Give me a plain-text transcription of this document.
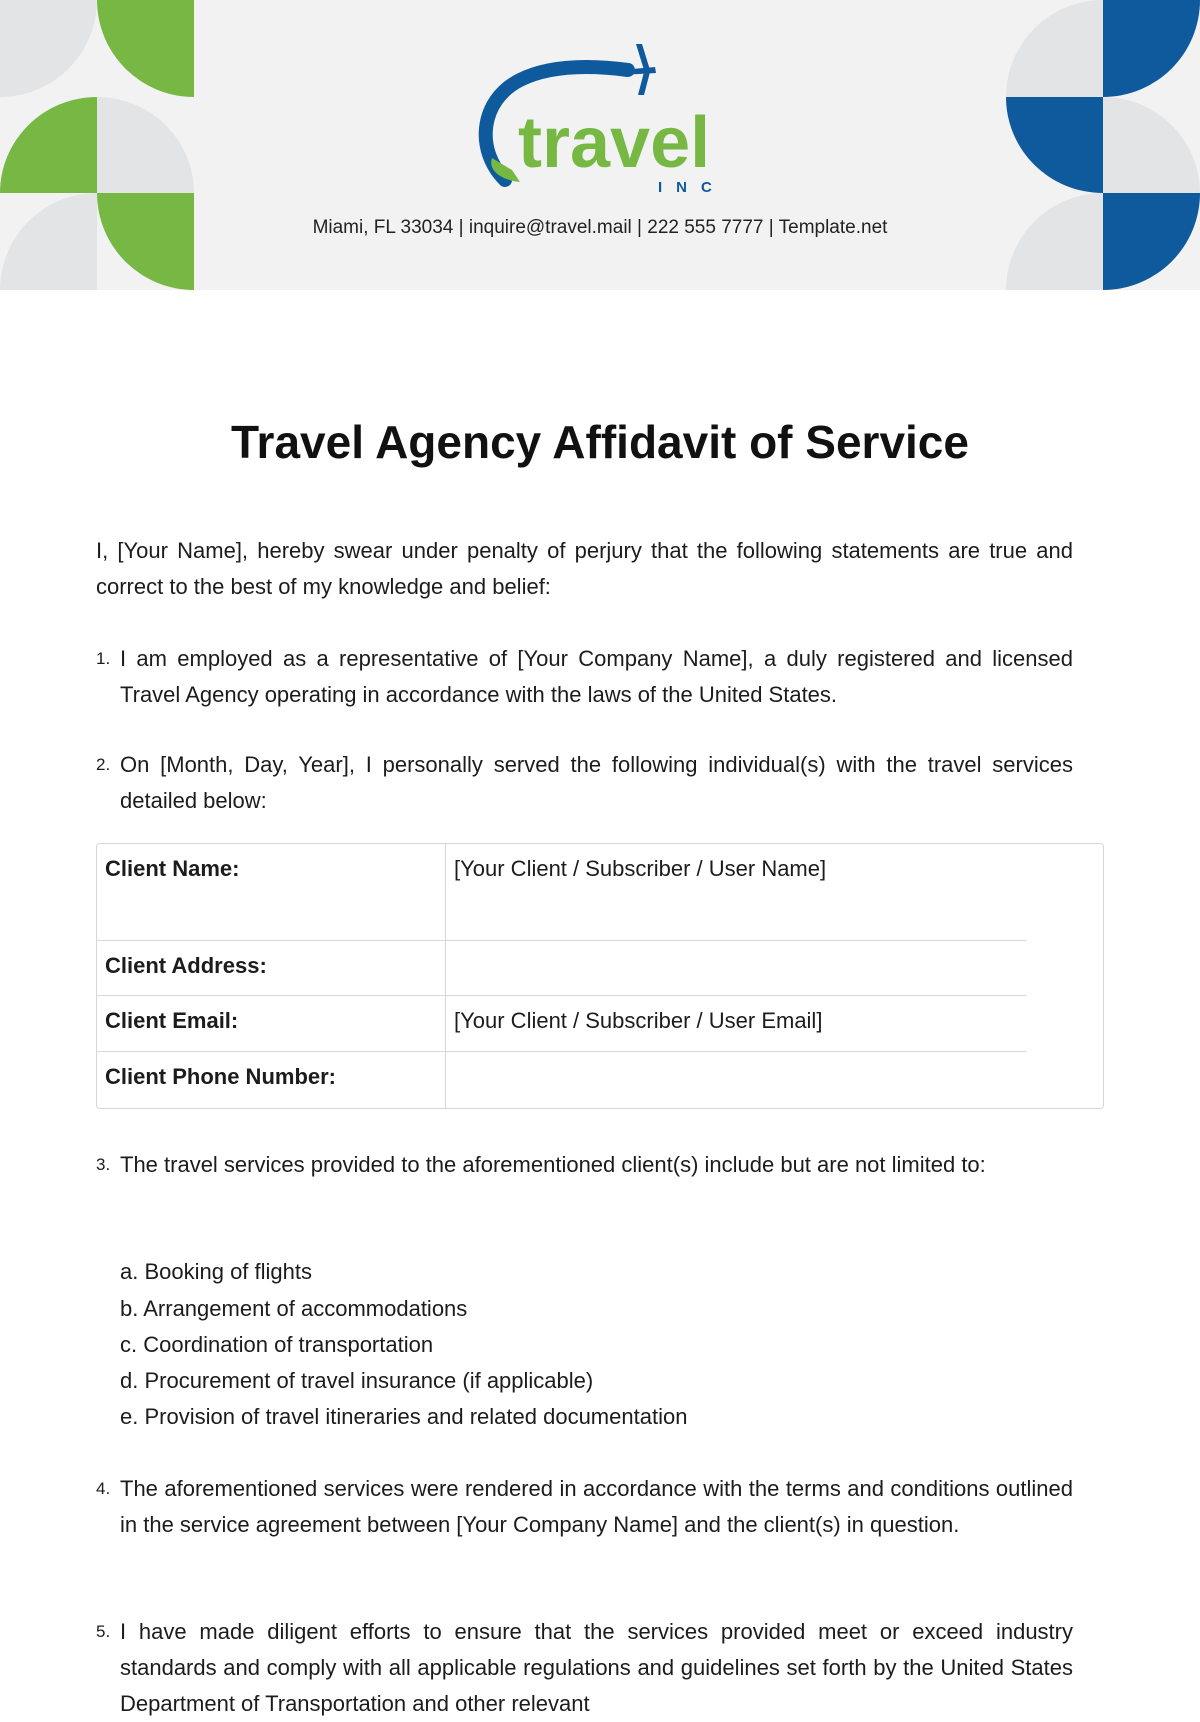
travel
INC
Miami, FL 33034 | inquire@travel.mail | 222 555 7777 | Template.net
Travel Agency Affidavit of Service
I, [Your Name], hereby swear under penalty of perjury that the following statements are true and correct to the best of my knowledge and belief:
1. I am employed as a representative of [Your Company Name], a duly registered and licensed Travel Agency operating in accordance with the laws of the United States.
2. On [Month, Day, Year], I personally served the following individual(s) with the travel services detailed below:
Client Name:	[Your Client / Subscriber / User Name]
Client Address:
Client Email:	[Your Client / Subscriber / User Email]
Client Phone Number:
3. The travel services provided to the aforementioned client(s) include but are not limited to:
a. Booking of flights
b. Arrangement of accommodations
c. Coordination of transportation
d. Procurement of travel insurance (if applicable)
e. Provision of travel itineraries and related documentation
4. The aforementioned services were rendered in accordance with the terms and conditions outlined in the service agreement between [Your Company Name] and the client(s) in question.
5. I have made diligent efforts to ensure that the services provided meet or exceed industry standards and comply with all applicable regulations and guidelines set forth by the United States Department of Transportation and other relevant
